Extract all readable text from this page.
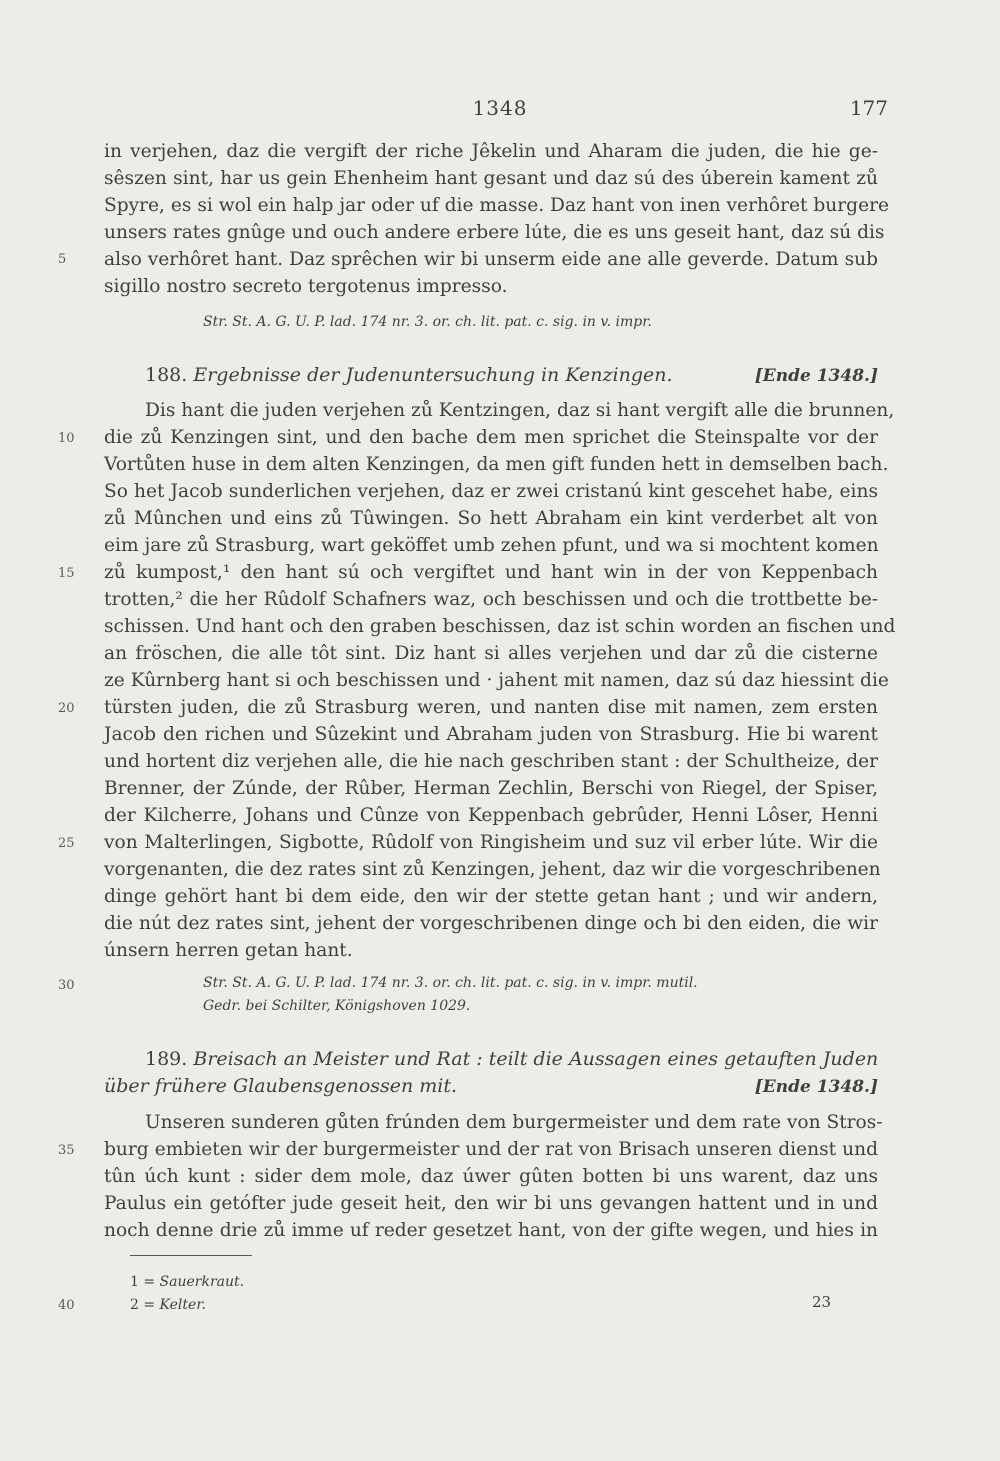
1348	177
in verjehen, daz die vergift der riche Jêkelin und Aharam die juden, die hie ge-
sêszen sint, har us gein Ehenheim hant gesant und daz sú des úberein kament zů
Spyre, es si wol ein halp jar oder uf die masse. Daz hant von inen verhôret burgere
unsers rates gnûge und ouch andere erbere lúte, die es uns geseit hant, daz sú dis
also verhôret hant. Daz sprêchen wir bi unserm eide ane alle geverde. Datum sub
sigillo nostro secreto tergotenus impresso.
Str. St. A. G. U. P. lad. 174 nr. 3. or. ch. lit. pat. c. sig. in v. impr.
188. Ergebnisse der Judenuntersuchung in Kenzingen.	[Ende 1348.]
Dis hant die juden verjehen zů Kentzingen, daz si hant vergift alle die brunnen,
die zů Kenzingen sint, und den bache dem men sprichet die Steinspalte vor der
Vortůten huse in dem alten Kenzingen, da men gift funden hett in demselben bach.
So het Jacob sunderlichen verjehen, daz er zwei cristanú kint gescehet habe, eins
zů Mûnchen und eins zů Tûwingen. So hett Abraham ein kint verderbet alt von
eim jare zů Strasburg, wart geköffet umb zehen pfunt, und wa si mochtent komen
zů kumpost,¹ den hant sú och vergiftet und hant win in der von Keppenbach
trotten,² die her Rûdolf Schafners waz, och beschissen und och die trottbette be-
schissen. Und hant och den graben beschissen, daz ist schin worden an fischen und
an fröschen, die alle tôt sint. Diz hant si alles verjehen und dar zů die cisterne
ze Kûrnberg hant si och beschissen und · jahent mit namen, daz sú daz hiessint die
türsten juden, die zů Strasburg weren, und nanten dise mit namen, zem ersten
Jacob den richen und Sûzekint und Abraham juden von Strasburg. Hie bi warent
und hortent diz verjehen alle, die hie nach geschriben stant : der Schultheize, der
Brenner, der Zúnde, der Rûber, Herman Zechlin, Berschi von Riegel, der Spiser,
der Kilcherre, Johans und Cûnze von Keppenbach gebrûder, Henni Lôser, Henni
von Malterlingen, Sigbotte, Rûdolf von Ringisheim und suz vil erber lúte. Wir die
vorgenanten, die dez rates sint zů Kenzingen, jehent, daz wir die vorgeschribenen
dinge gehört hant bi dem eide, den wir der stette getan hant ; und wir andern,
die nút dez rates sint, jehent der vorgeschribenen dinge och bi den eiden, die wir
únsern herren getan hant.
Str. St. A. G. U. P. lad. 174 nr. 3. or. ch. lit. pat. c. sig. in v. impr. mutil.
Gedr. bei Schilter, Königshoven 1029.
189. Breisach an Meister und Rat : teilt die Aussagen eines getauften Juden
über frühere Glaubensgenossen mit.	[Ende 1348.]
Unseren sunderen gůten frúnden dem burgermeister und dem rate von Stros-
burg embieten wir der burgermeister und der rat von Brisach unseren dienst und
tûn úch kunt : sider dem mole, daz úwer gûten botten bi uns warent, daz uns
Paulus ein getófter jude geseit heit, den wir bi uns gevangen hattent und in und
noch denne drie zů imme uf reder gesetzet hant, von der gifte wegen, und hies in
5
10
15
20
25
30
35
40
1 = Sauerkraut.
2 = Kelter.	23
